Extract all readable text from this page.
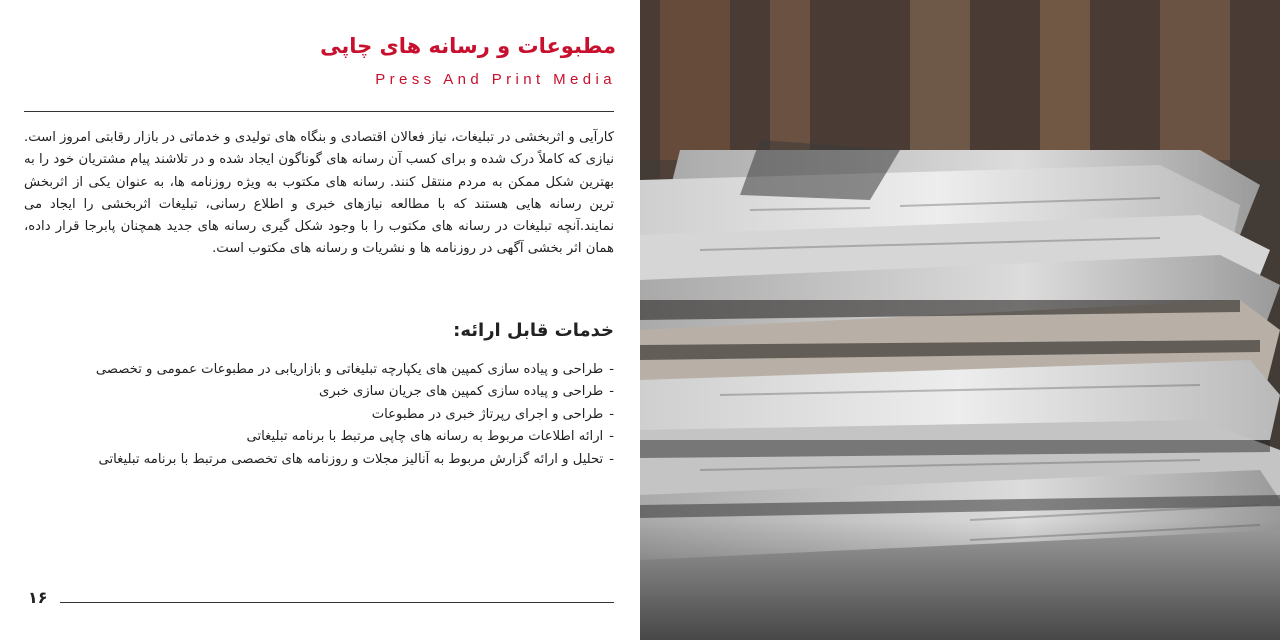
مطبوعات و رسانه های چاپی

Press And Print Media

کارآیی و اثربخشی در تبلیغات، نیاز فعالان اقتصادی و بنگاه های تولیدی و خدماتی در بازار رقابتی امروز است. نیازی که کاملاً درک شده و برای کسب آن رسانه های گوناگون ایجاد شده و در تلاشند پیام مشتریان خود را به بهترین شکل ممکن به مردم منتقل کنند. رسانه های مکتوب به ویژه روزنامه ها، به عنوان یکی از اثربخش ترین رسانه هایی هستند که با مطالعه نیازهای خبری و اطلاع رسانی، تبلیغات اثربخشی را ایجاد می نمایند.آنچه تبلیغات در رسانه های مکتوب را با وجود شکل گیری رسانه های جدید همچنان پابرجا قرار داده، همان اثر بخشی آگهی در روزنامه ها و نشریات و رسانه های مکتوب است.

خدمات قابل ارائه:
-طراحی و پیاده سازی کمپین های یکپارچه تبلیغاتی و بازاریابی در مطبوعات عمومی و تخصصی
-طراحی و پیاده سازی کمپین های جریان سازی خبری
-طراحی و اجرای رپرتاژ خبری در مطبوعات
-ارائه اطلاعات مربوط به رسانه های چاپی مرتبط با برنامه تبلیغاتی
-تحلیل و ارائه گزارش مربوط به آنالیز مجلات و روزنامه های تخصصی مرتبط با برنامه تبلیغاتی
۱۶
